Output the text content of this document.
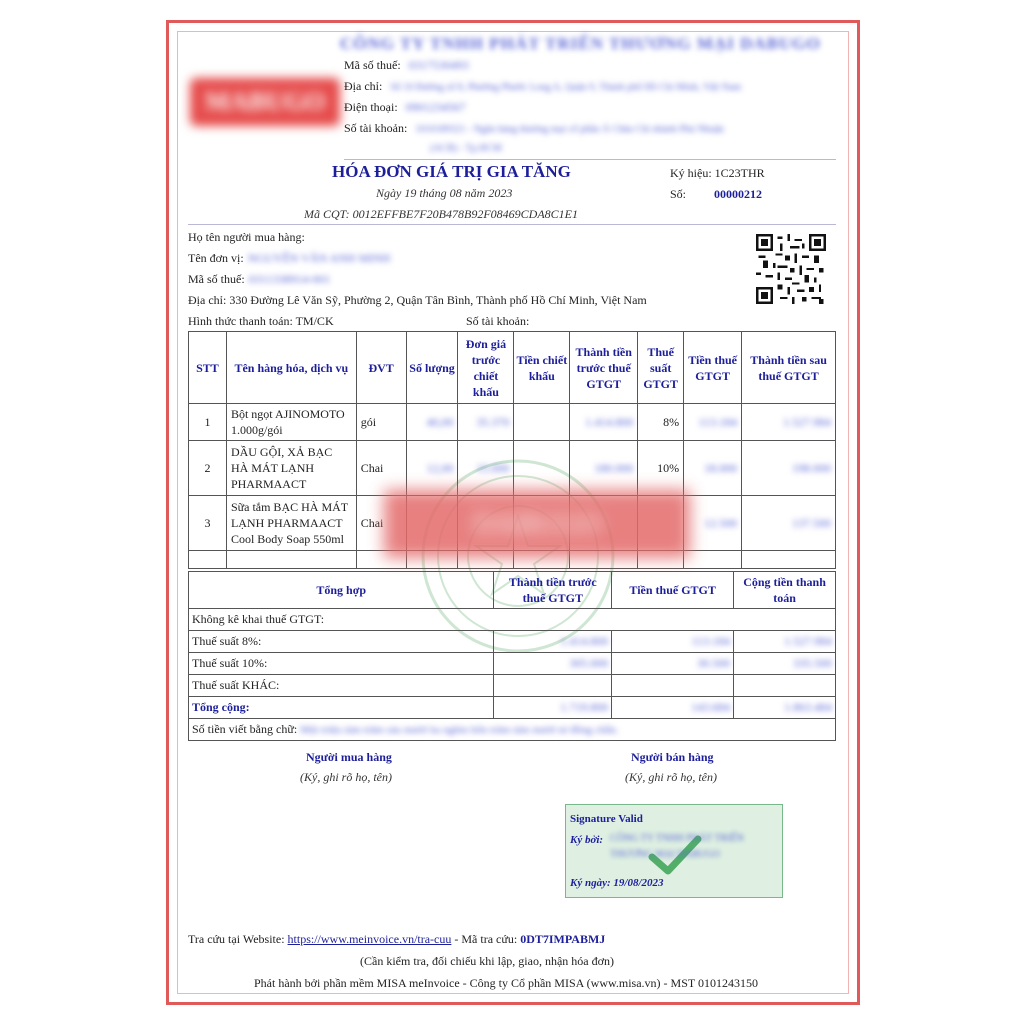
MABUGO
CÔNG TY TNHH PHÁT TRIỂN THƯƠNG MẠI DABUGO
Mã số thuế: 0317530493
Địa chỉ: Số 10 Đường số 8, Phường Phước Long A, Quận 9, Thành phố Hồ Chí Minh, Việt Nam
Điện thoại: 0901234567
Số tài khoản: 1010189321 - Ngân hàng thương mại cổ phần Á Châu Chi nhánh Phú Nhuận
(ACB) - Tp.HCM
HÓA ĐƠN GIÁ TRỊ GIA TĂNG
Ngày 19 tháng 08 năm 2023
Mã CQT: 0012EFFBE7F20B478B92F08469CDA8C1E1
Ký hiệu: 1C23THR
Số: 00000212
Họ tên người mua hàng:
Tên đơn vị: NGUYỄN VĂN ANH MINH
Mã số thuế: 0311338914-001
Địa chỉ: 330 Đường Lê Văn Sỹ, Phường 2, Quận Tân Bình, Thành phố Hồ Chí Minh, Việt Nam
Hình thức thanh toán: TM/CK	Số tài khoản:
STT	Tên hàng hóa, dịch vụ	ĐVT	Số lượng	Đơn giá trước chiết khấu	Tiền chiết khấu	Thành tiền trước thuế GTGT	Thuế suất GTGT	Tiền thuế GTGT	Thành tiền sau thuế GTGT
1	Bột ngọt AJINOMOTO 1.000g/gói	gói	40,00	35.370		1.414.800	8%	113.184	1.527.984
2	DẦU GỘI, XẢ BẠC HÀ MÁT LẠNH PHARMAACT	Chai	12,00	15.000		180.000	10%	18.000	198.000
3	Sữa tắm BẠC HÀ MÁT LẠNH PHARMAACT Cool Body Soap 550ml	Chai						12.500	137.500

DABUGO
Tổng hợp	Thành tiền trước thuế GTGT	Tiền thuế GTGT	Cộng tiền thanh toán
Không kê khai thuế GTGT:			
Thuế suất 8%:	1.414.800	113.184	1.527.984
Thuế suất 10%:	305.000	30.500	335.500
Thuế suất KHÁC:			
Tổng cộng:	1.719.800	143.684	1.863.484
Số tiền viết bằng chữ: Một triệu tám trăm sáu mươi ba nghìn bốn trăm tám mươi tư đồng chẵn.			
Người mua hàng
(Ký, ghi rõ họ, tên)
Người bán hàng
(Ký, ghi rõ họ, tên)
Signature Valid
Ký bởi: CÔNG TY TNHH PHÁT TRIỂN THƯƠNG MẠI DABUGO
Ký ngày: 19/08/2023
Tra cứu tại Website: https://www.meinvoice.vn/tra-cuu - Mã tra cứu: 0DT7IMPABMJ
(Cần kiểm tra, đối chiếu khi lập, giao, nhận hóa đơn)
Phát hành bởi phần mềm MISA meInvoice - Công ty Cổ phần MISA (www.misa.vn) - MST 0101243150
